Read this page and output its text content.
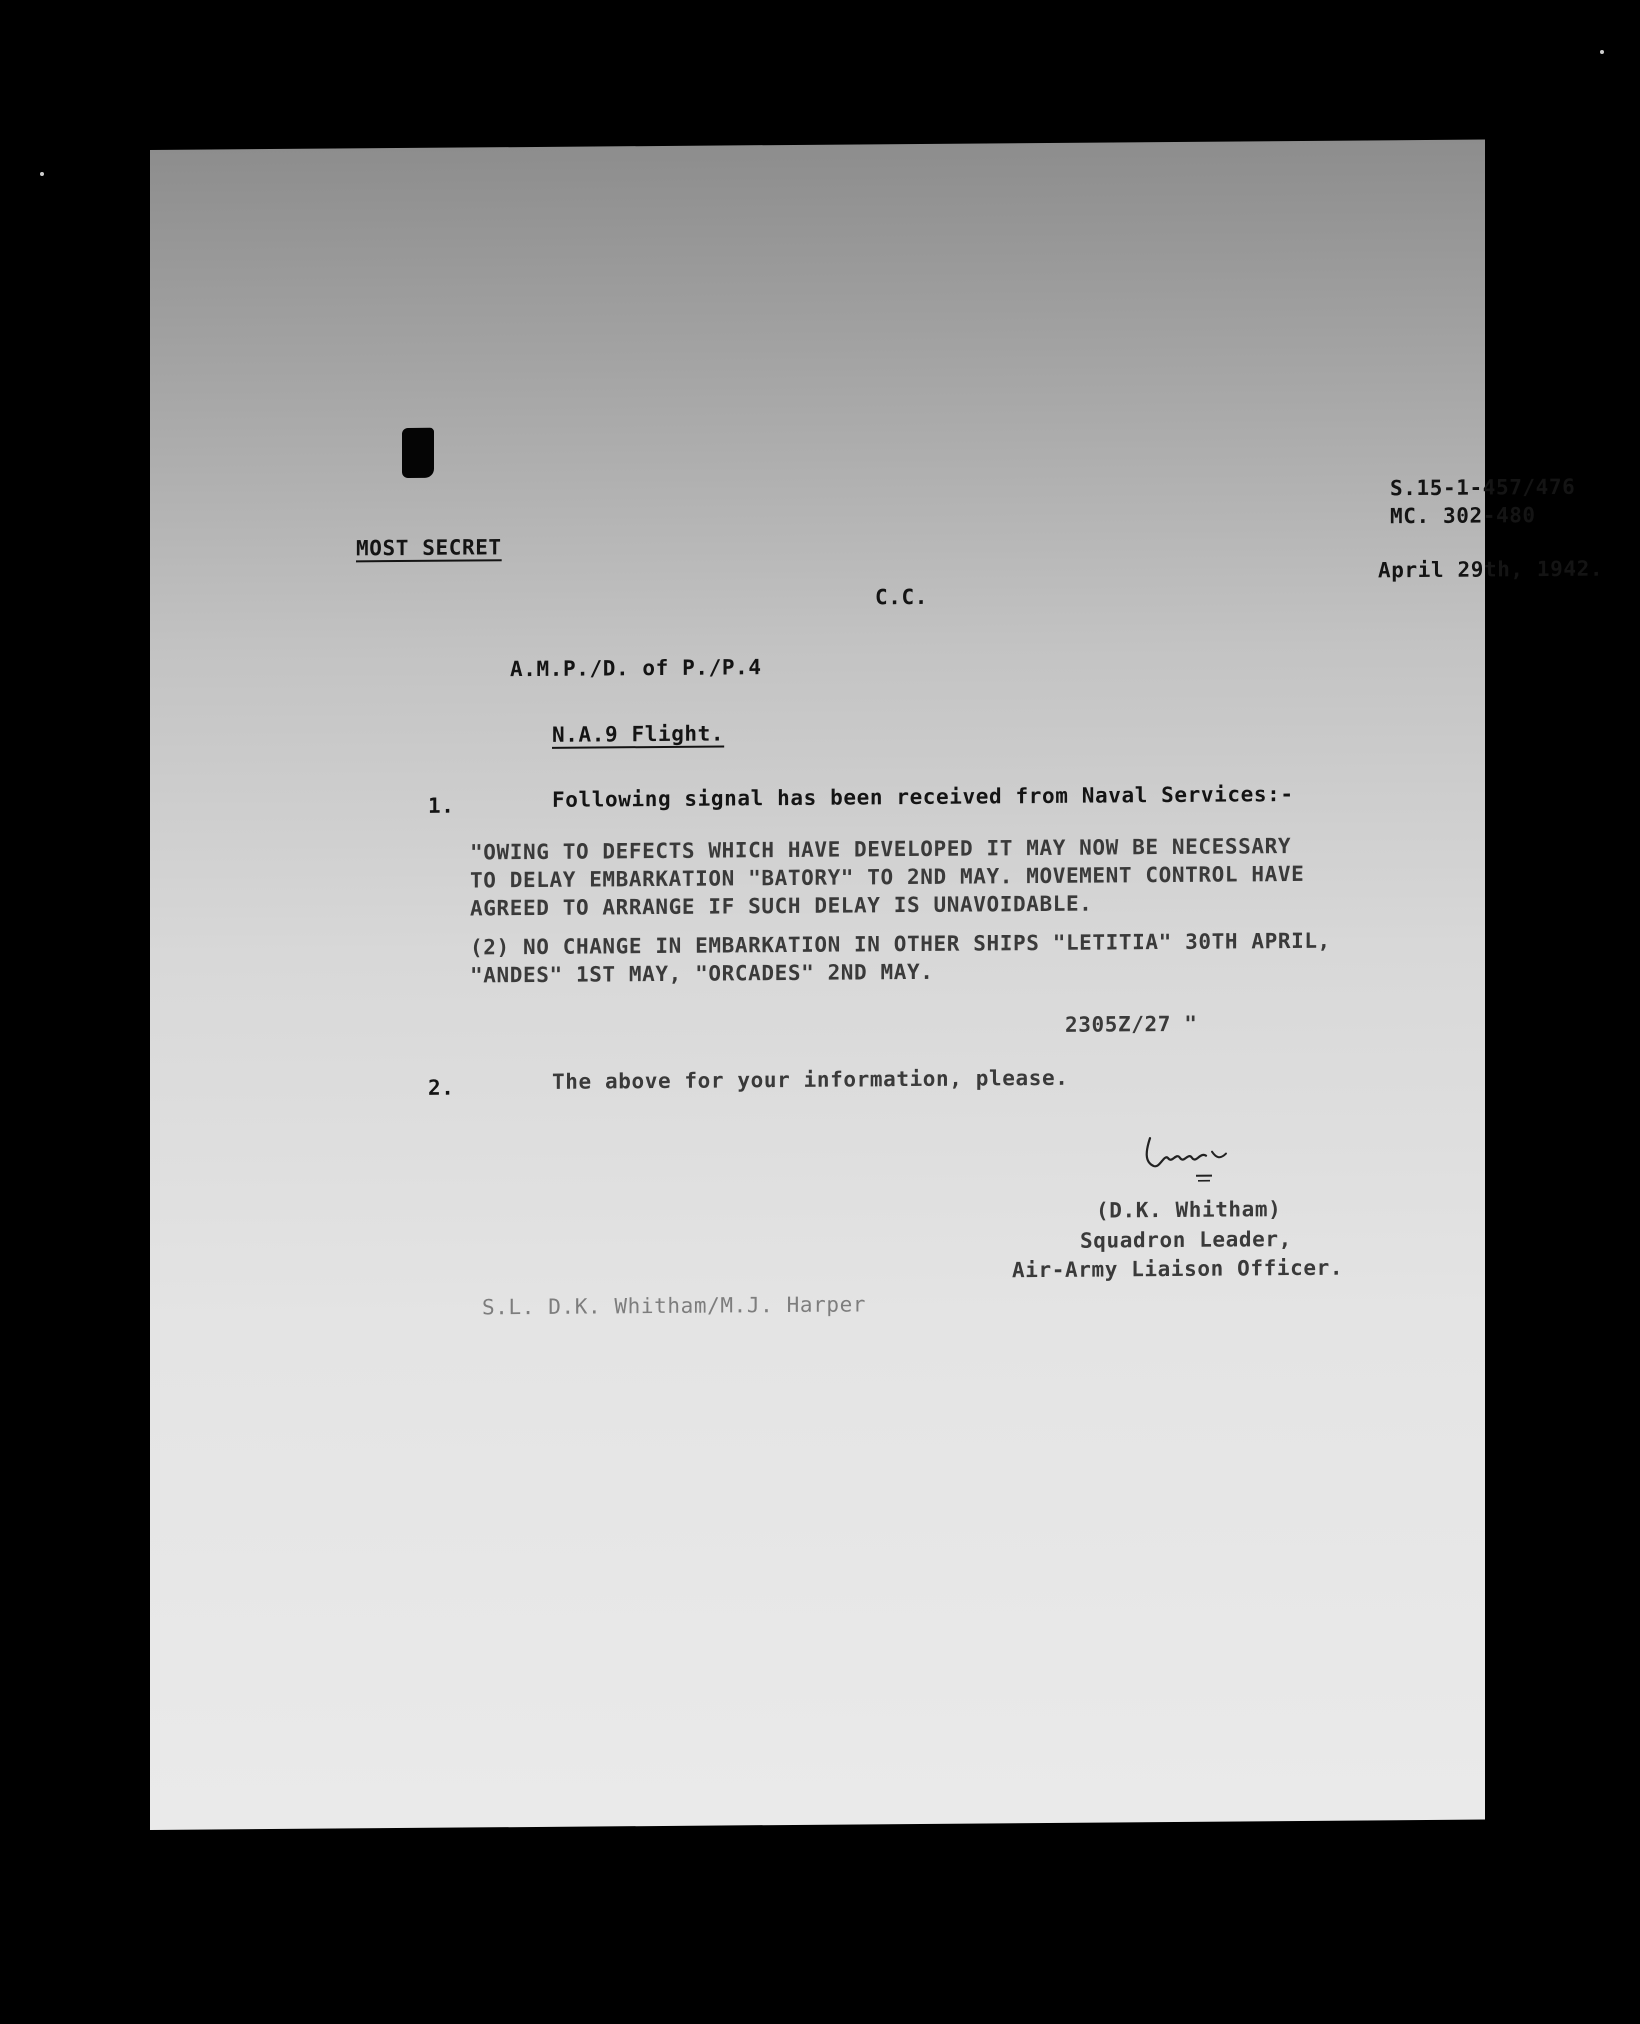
MOST SECRET
S.15-1-457/476
MC. 302-480
April 29th, 1942.
C.C.
A.M.P./D. of P./P.4
N.A.9 Flight.
1.	Following signal has been received from Naval Services:-
"OWING TO DEFECTS WHICH HAVE DEVELOPED IT MAY NOW BE NECESSARY
TO DELAY EMBARKATION "BATORY" TO 2ND MAY. MOVEMENT CONTROL HAVE
AGREED TO ARRANGE IF SUCH DELAY IS UNAVOIDABLE.
(2) NO CHANGE IN EMBARKATION IN OTHER SHIPS "LETITIA" 30TH APRIL,
"ANDES" 1ST MAY, "ORCADES" 2ND MAY.
2305Z/27 "
2.	The above for your information, please.
(D.K. Whitham)
Squadron Leader,
Air-Army Liaison Officer.
S.L. D.K. Whitham/M.J. Harper
